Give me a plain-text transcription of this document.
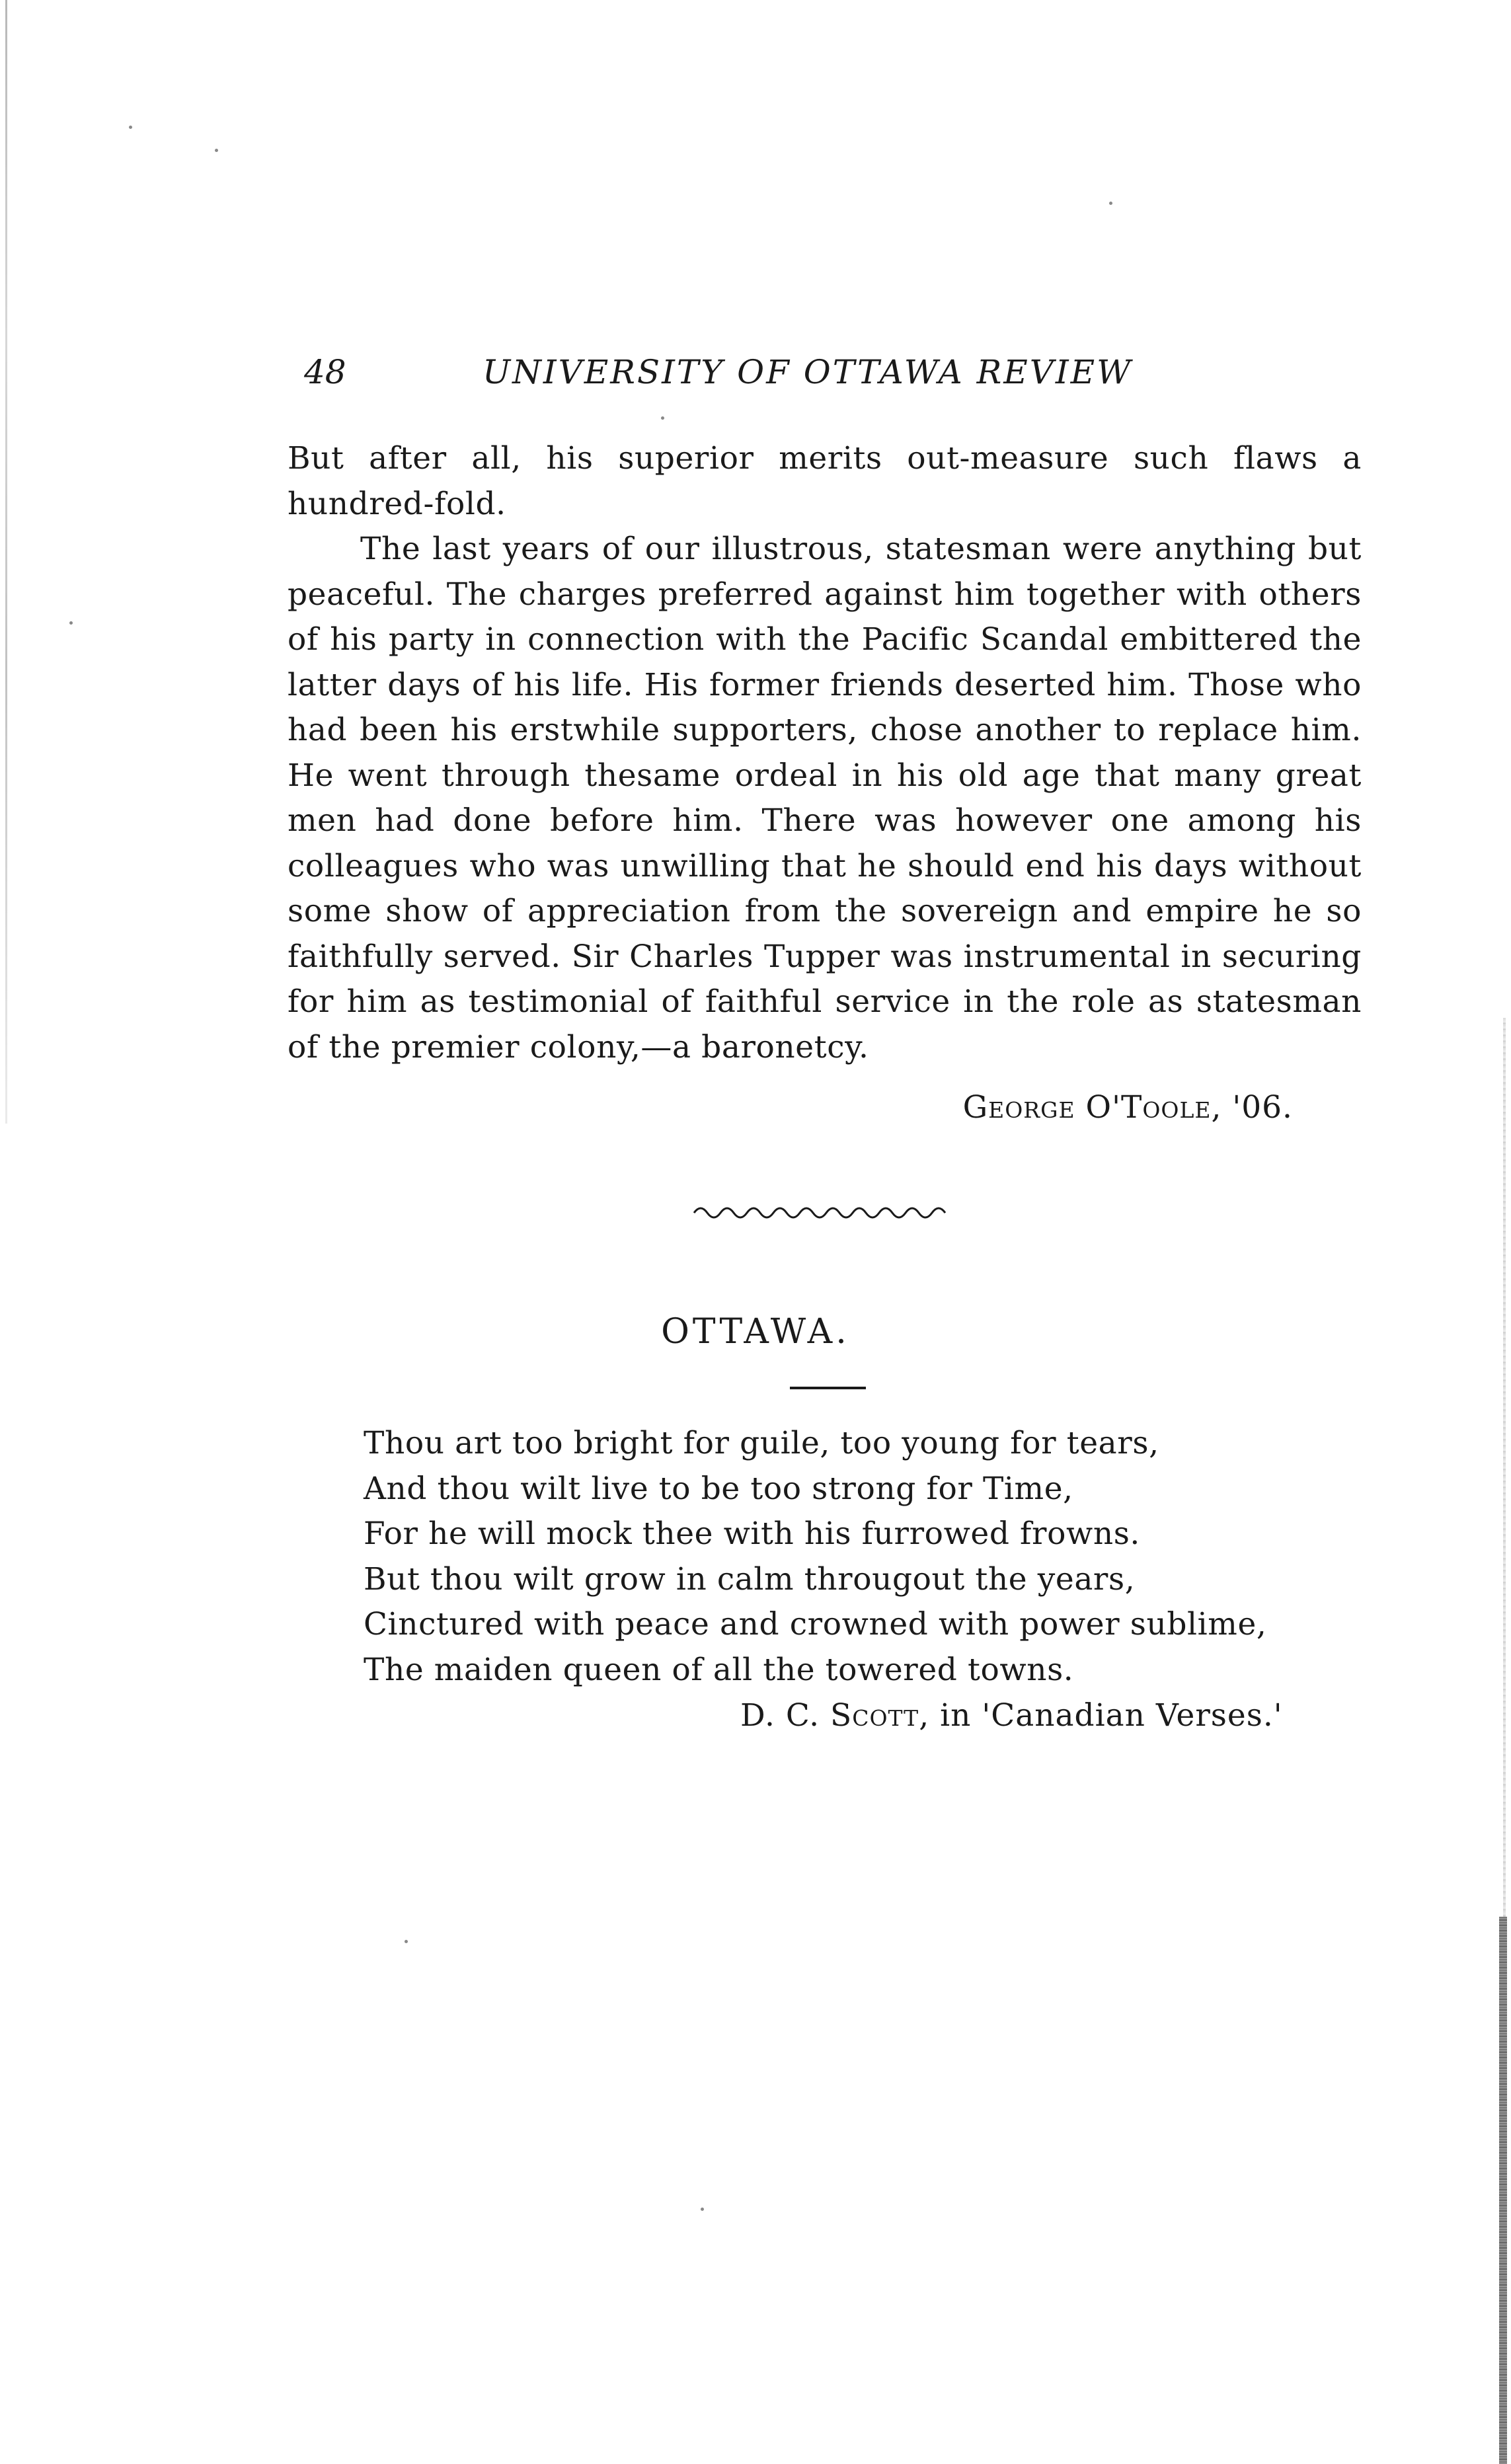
48	UNIVERSITY OF OTTAWA REVIEW

But after all, his superior merits out-measure such flaws a hundred-fold.

The last years of our illustrous, statesman were anything but peaceful. The charges preferred against him together with others of his party in connection with the Pacific Scandal embittered the latter days of his life. His former friends deserted him. Those who had been his erstwhile supporters, chose another to replace him. He went through thesame ordeal in his old age that many great men had done before him. There was however one among his colleagues who was unwilling that he should end his days without some show of appreciation from the sovereign and empire he so faithfully served. Sir Charles Tupper was instrumental in securing for him as testimonial of faithful service in the role as statesman of the premier colony,—a baronetcy.

George O'Toole, '06.
OTTAWA.
Thou art too bright for guile, too young for tears,
And thou wilt live to be too strong for Time,
For he will mock thee with his furrowed frowns.
But thou wilt grow in calm througout the years,
Cinctured with peace and crowned with power sublime,
The maiden queen of all the towered towns.
D. C. Scott, in 'Canadian Verses.'
